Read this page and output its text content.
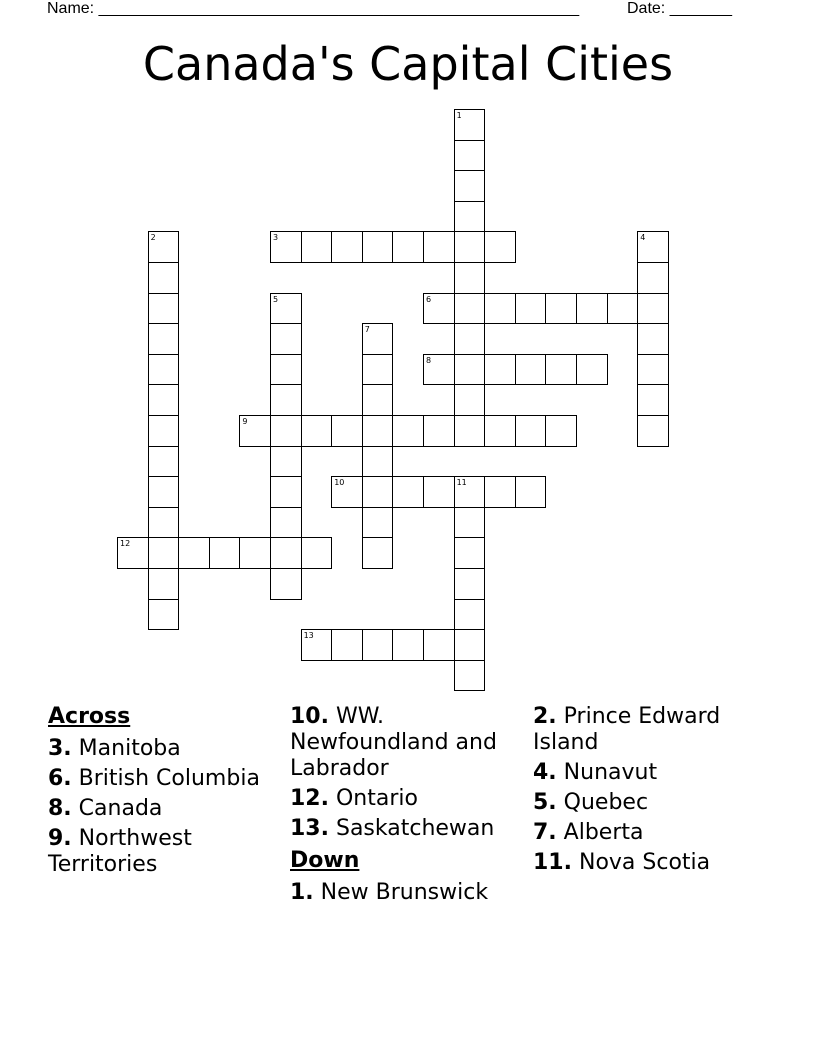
Name: ______________________________________________________	Date: _______
Canada's Capital Cities
1
2	3	4
5	6
7
8
9
10	11
12
13
Across
3. Manitoba
6. British Columbia
8. Canada
9. Northwest Territories
10. WW. Newfoundland and Labrador
12. Ontario
13. Saskatchewan
Down
1. New Brunswick
2. Prince Edward Island
4. Nunavut
5. Quebec
7. Alberta
11. Nova Scotia
